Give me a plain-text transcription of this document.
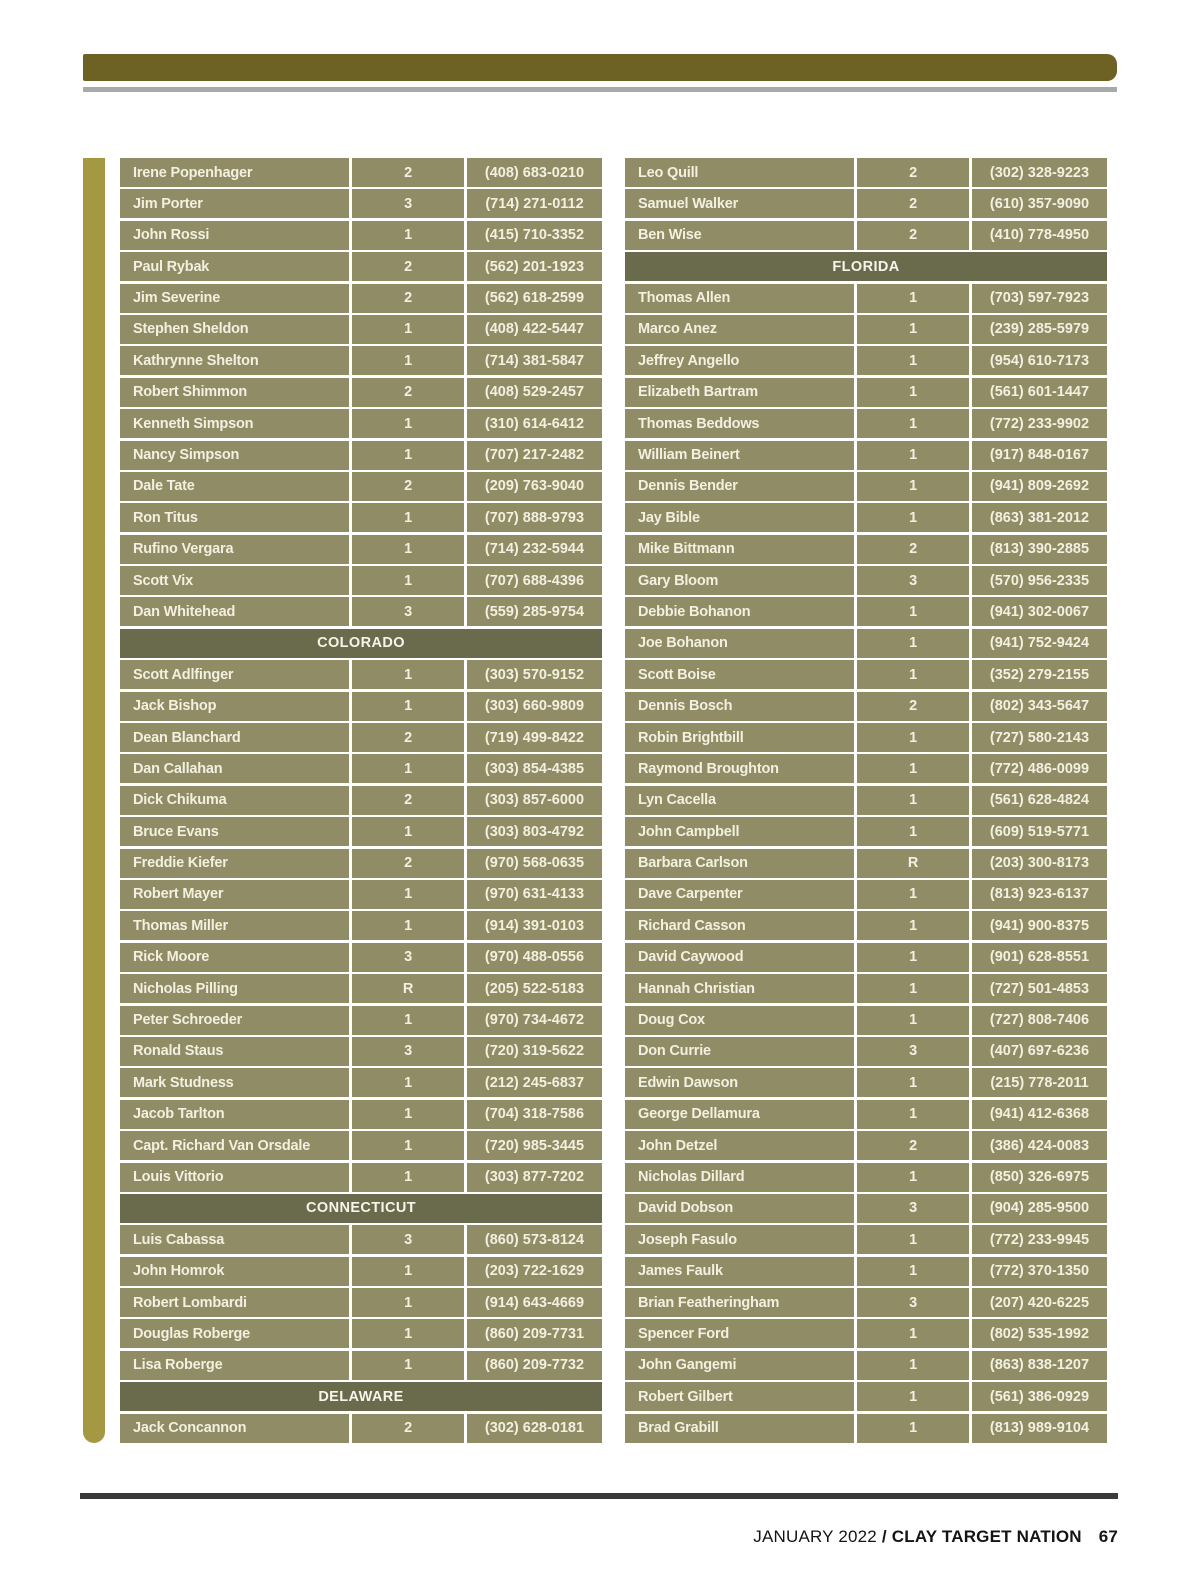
Irene Popenhager	2	(408) 683-0210
Jim Porter	3	(714) 271-0112
John Rossi	1	(415) 710-3352
Paul Rybak	2	(562) 201-1923
Jim Severine	2	(562) 618-2599
Stephen Sheldon	1	(408) 422-5447
Kathrynne Shelton	1	(714) 381-5847
Robert Shimmon	2	(408) 529-2457
Kenneth Simpson	1	(310) 614-6412
Nancy Simpson	1	(707) 217-2482
Dale Tate	2	(209) 763-9040
Ron Titus	1	(707) 888-9793
Rufino Vergara	1	(714) 232-5944
Scott Vix	1	(707) 688-4396
Dan Whitehead	3	(559) 285-9754
COLORADO
Scott Adlfinger	1	(303) 570-9152
Jack Bishop	1	(303) 660-9809
Dean Blanchard	2	(719) 499-8422
Dan Callahan	1	(303) 854-4385
Dick Chikuma	2	(303) 857-6000
Bruce Evans	1	(303) 803-4792
Freddie Kiefer	2	(970) 568-0635
Robert Mayer	1	(970) 631-4133
Thomas Miller	1	(914) 391-0103
Rick Moore	3	(970) 488-0556
Nicholas Pilling	R	(205) 522-5183
Peter Schroeder	1	(970) 734-4672
Ronald Staus	3	(720) 319-5622
Mark Studness	1	(212) 245-6837
Jacob Tarlton	1	(704) 318-7586
Capt. Richard Van Orsdale	1	(720) 985-3445
Louis Vittorio	1	(303) 877-7202
CONNECTICUT
Luis Cabassa	3	(860) 573-8124
John Homrok	1	(203) 722-1629
Robert Lombardi	1	(914) 643-4669
Douglas Roberge	1	(860) 209-7731
Lisa Roberge	1	(860) 209-7732
DELAWARE
Jack Concannon	2	(302) 628-0181
Leo Quill	2	(302) 328-9223
Samuel Walker	2	(610) 357-9090
Ben Wise	2	(410) 778-4950
FLORIDA
Thomas Allen	1	(703) 597-7923
Marco Anez	1	(239) 285-5979
Jeffrey Angello	1	(954) 610-7173
Elizabeth Bartram	1	(561) 601-1447
Thomas Beddows	1	(772) 233-9902
William Beinert	1	(917) 848-0167
Dennis Bender	1	(941) 809-2692
Jay Bible	1	(863) 381-2012
Mike Bittmann	2	(813) 390-2885
Gary Bloom	3	(570) 956-2335
Debbie Bohanon	1	(941) 302-0067
Joe Bohanon	1	(941) 752-9424
Scott Boise	1	(352) 279-2155
Dennis Bosch	2	(802) 343-5647
Robin Brightbill	1	(727) 580-2143
Raymond Broughton	1	(772) 486-0099
Lyn Cacella	1	(561) 628-4824
John Campbell	1	(609) 519-5771
Barbara Carlson	R	(203) 300-8173
Dave Carpenter	1	(813) 923-6137
Richard Casson	1	(941) 900-8375
David Caywood	1	(901) 628-8551
Hannah Christian	1	(727) 501-4853
Doug Cox	1	(727) 808-7406
Don Currie	3	(407) 697-6236
Edwin Dawson	1	(215) 778-2011
George Dellamura	1	(941) 412-6368
John Detzel	2	(386) 424-0083
Nicholas Dillard	1	(850) 326-6975
David Dobson	3	(904) 285-9500
Joseph Fasulo	1	(772) 233-9945
James Faulk	1	(772) 370-1350
Brian Featheringham	3	(207) 420-6225
Spencer Ford	1	(802) 535-1992
John Gangemi	1	(863) 838-1207
Robert Gilbert	1	(561) 386-0929
Brad Grabill	1	(813) 989-9104
JANUARY 2022 / CLAY TARGET NATION 67
